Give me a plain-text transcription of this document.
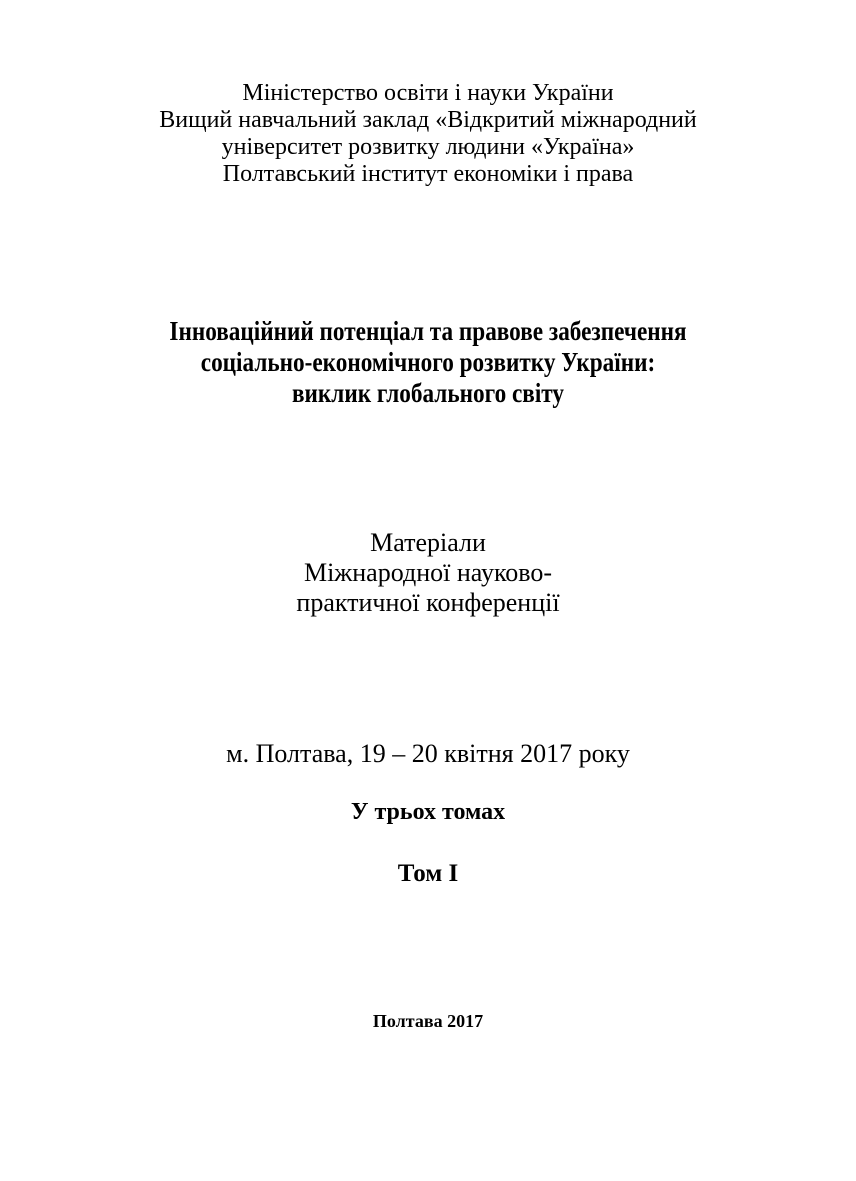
Міністерство освіти і науки України
Вищий навчальний заклад «Відкритий міжнародний
університет розвитку людини «Україна»
Полтавський інститут економіки і права
Інноваційний потенціал та правове забезпечення
соціально-економічного розвитку України:
виклик глобального світу
Матеріали
Міжнародної науково-
практичної конференції
м. Полтава, 19 – 20 квітня 2017 року
У трьох томах
Том I
Полтава 2017
